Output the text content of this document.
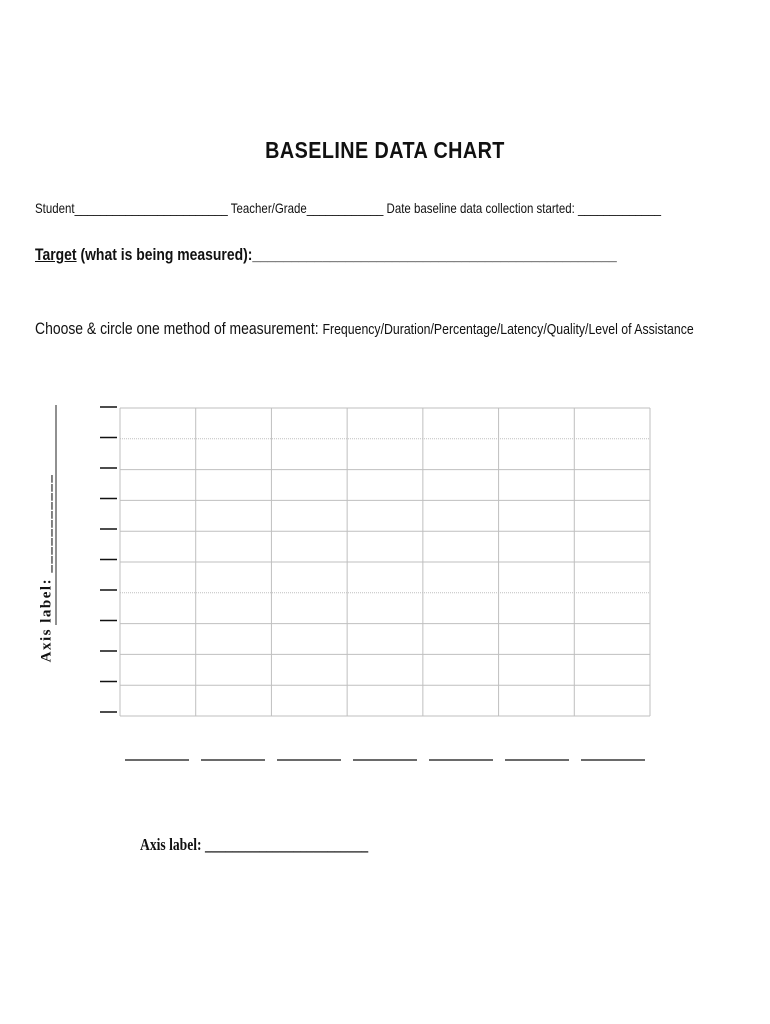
BASELINE DATA CHART
Student________________________ Teacher/Grade____________ Date baseline data collection started: _____________
Target (what is being measured):_______________________________________________
Choose & circle one method of measurement: Frequency/Duration/Percentage/Latency/Quality/Level of Assistance
Axis label: ___________
Axis label: ________________________
